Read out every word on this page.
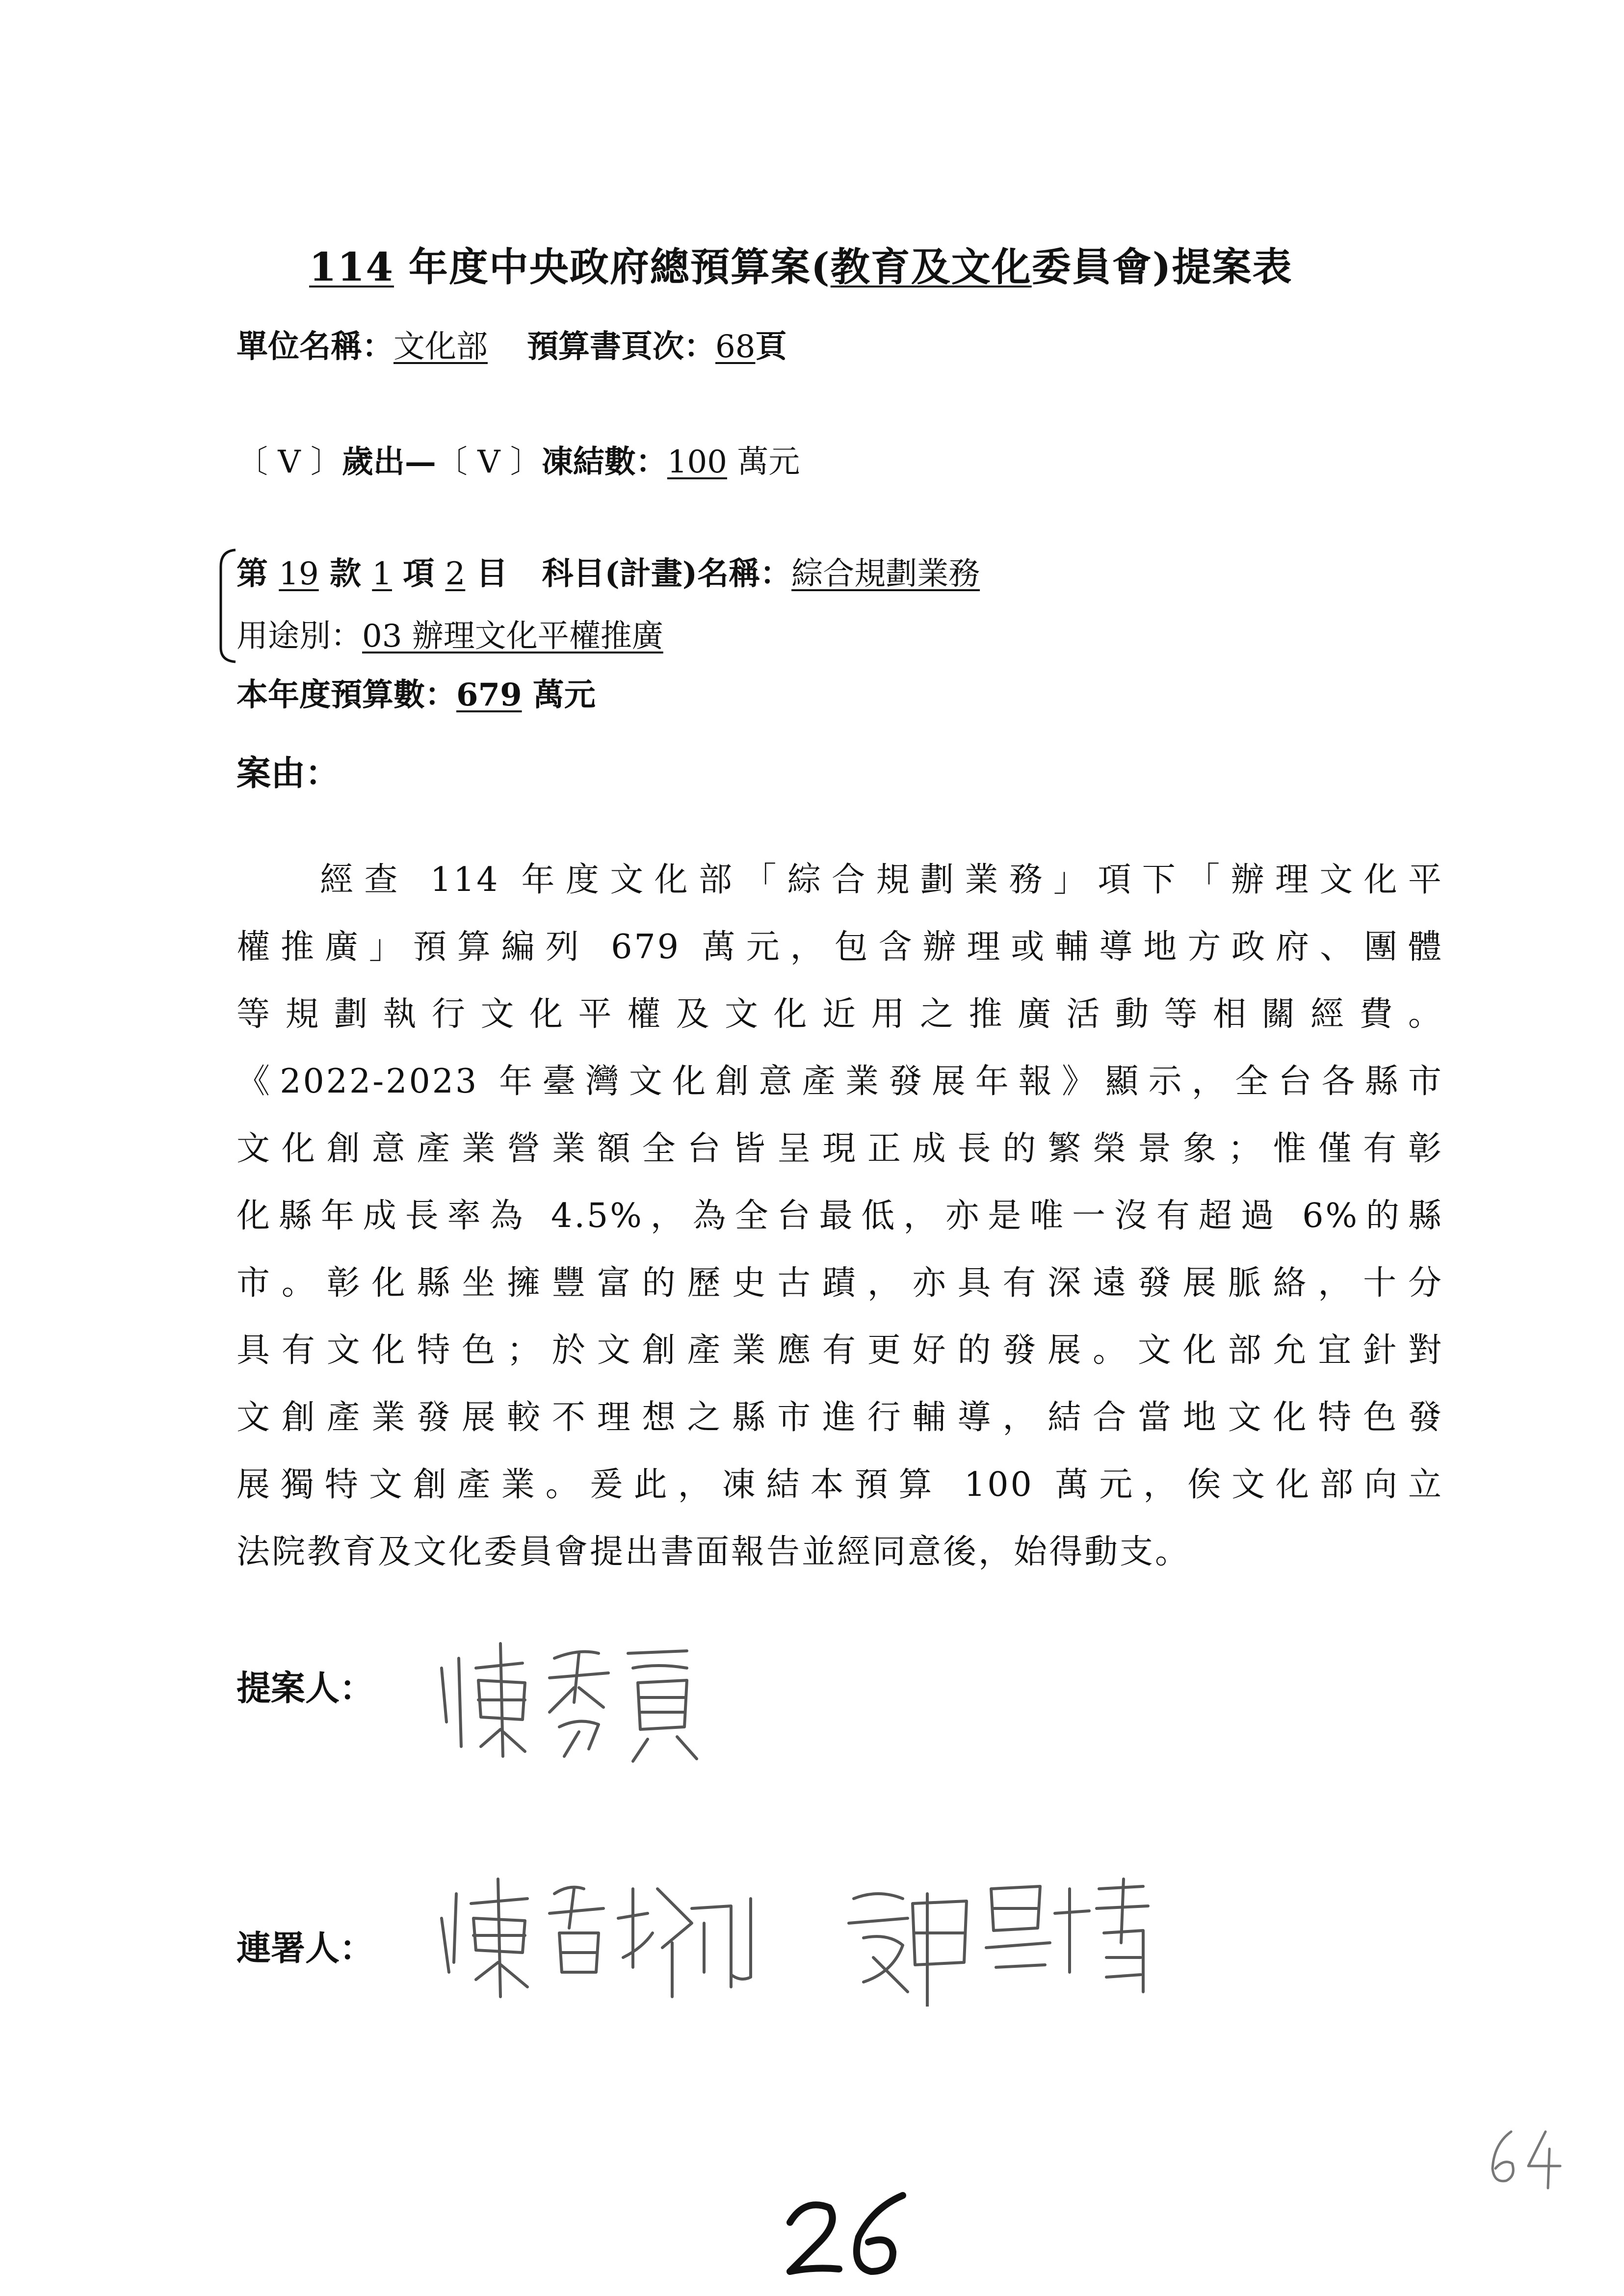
114 年度中央政府總預算案(教育及文化委員會)提案表
單位名稱：文化部 預算書頁次：68頁
〔 V 〕歲出—〔 V 〕凍結數：100 萬元
第 19 款 1 項 2 目 科目(計畫)名稱：綜合規劃業務
用途別：03 辦理文化平權推廣
本年度預算數：679 萬元
案由：
經查 114 年度文化部「綜合規劃業務」項下「辦理文化平
權推廣」預算編列 679 萬元，包含辦理或輔導地方政府、團體
等規劃執行文化平權及文化近用之推廣活動等相關經費。
《2022-2023 年臺灣文化創意產業發展年報》顯示，全台各縣市
文化創意產業營業額全台皆呈現正成長的繁榮景象；惟僅有彰
化縣年成長率為 4.5%，為全台最低，亦是唯一沒有超過 6%的縣
市。彰化縣坐擁豐富的歷史古蹟，亦具有深遠發展脈絡，十分
具有文化特色；於文創產業應有更好的發展。文化部允宜針對
文創產業發展較不理想之縣市進行輔導，結合當地文化特色發
展獨特文創產業。爰此，凍結本預算 100 萬元，俟文化部向立
法院教育及文化委員會提出書面報告並經同意後，始得動支。
提案人：
連署人：
